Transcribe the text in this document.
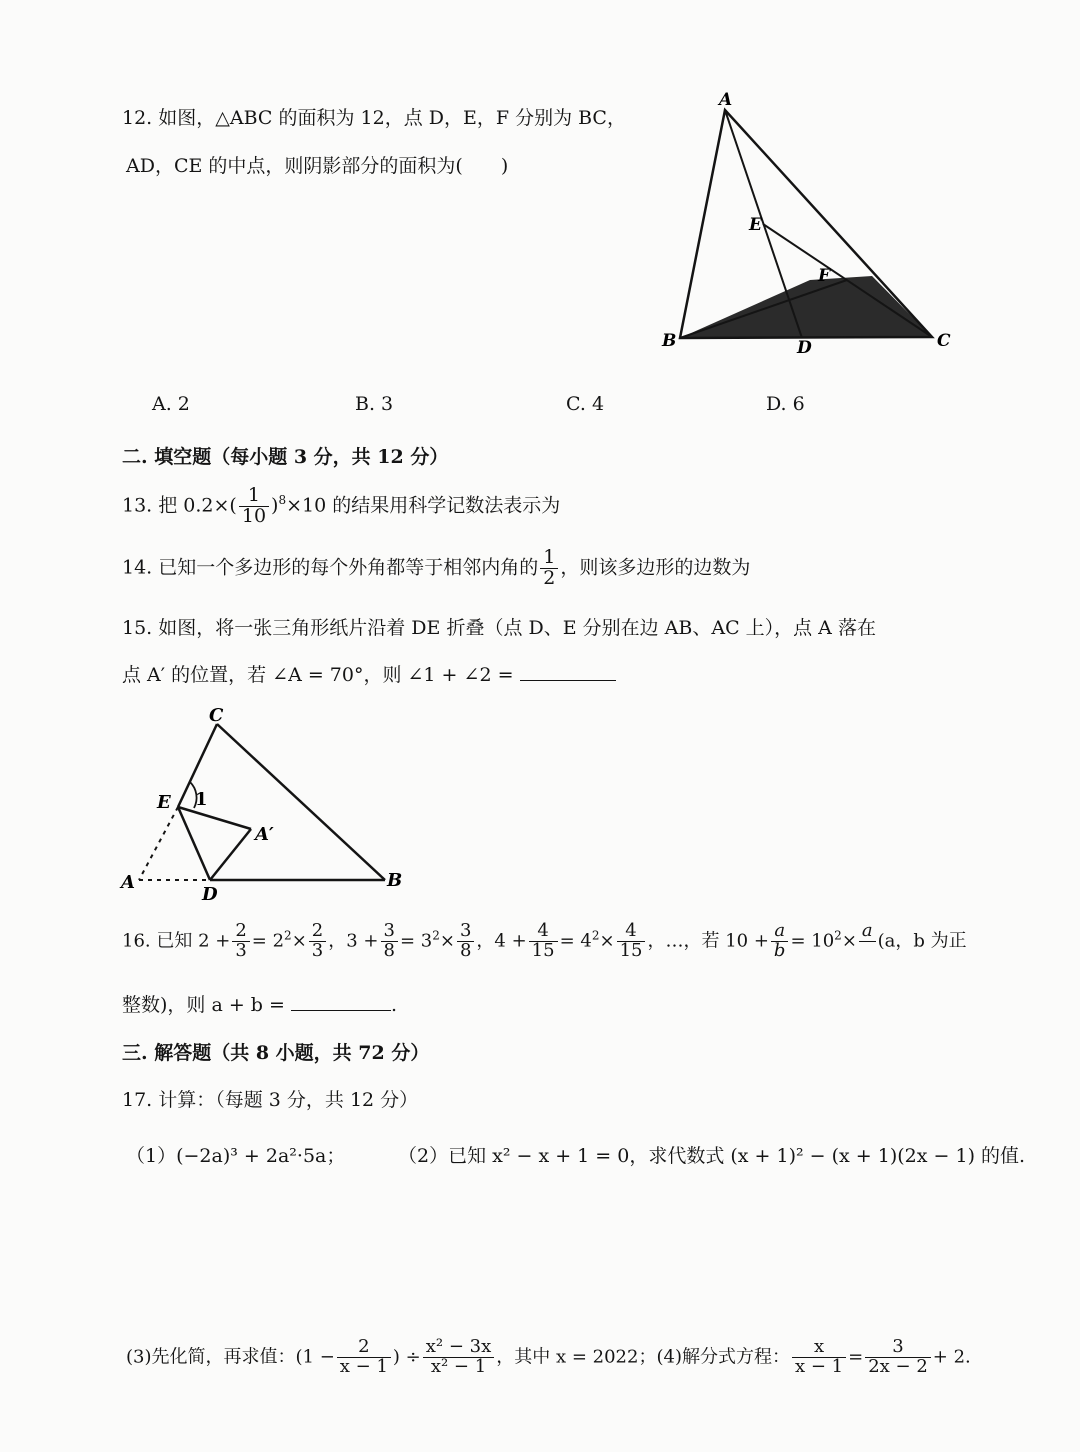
12. 如图，△ABC 的面积为 12，点 D，E，F 分别为 BC，
AD，CE 的中点，则阴影部分的面积为(　　)
A
B	C
D
E
F
A. 2	B. 3	C. 4	D. 6
二. 填空题（每小题 3 分，共 12 分）
13. 把 $0.2\times( \frac{1}{10} )^8\times 10$ 的结果用科学记数法表示为
14. 已知一个多边形的每个外角都等于相邻内角的 $\frac{1}{2}$ ，则该多边形的边数为
15. 如图，将一张三角形纸片沿着 DE 折叠（点 D、E 分别在边 AB、AC 上），点 A 落在
点 A′ 的位置，若 ∠A = 70°，则 ∠1 + ∠2 =
C
E 1
A′
A
D
B
16. 已知 $2 + \frac{2}{3} = 2^2\times \frac{2}{3}$ ，$3 + \frac{3}{8} = 3^2\times \frac{3}{8}$ ，$4 + \frac{4}{15} = 4^2\times \frac{4}{15}$ ，…，若 $10 + \frac{a}{b} = 10^2\times a$
(a，b 为正
整数)，则 a + b =	.
三. 解答题（共 8 小题，共 72 分）
17. 计算：（每题 3 分，共 12 分）
（1）(−2a)³ + 2a²·5a；	（2）已知 x² − x + 1 = 0，求代数式 (x + 1)² − (x + 1)(2x − 1) 的值.
(3)先化简，再求值：($1 - \frac{2}{x - 1}$ ) ÷ $\frac{\text{x² − 3x}}{\text{x² − 1}}$ ，其中 x = 2022；(4)解分式方程： $\frac{x}{x - 1} = \frac{3}{2x - 2} + 2$.
